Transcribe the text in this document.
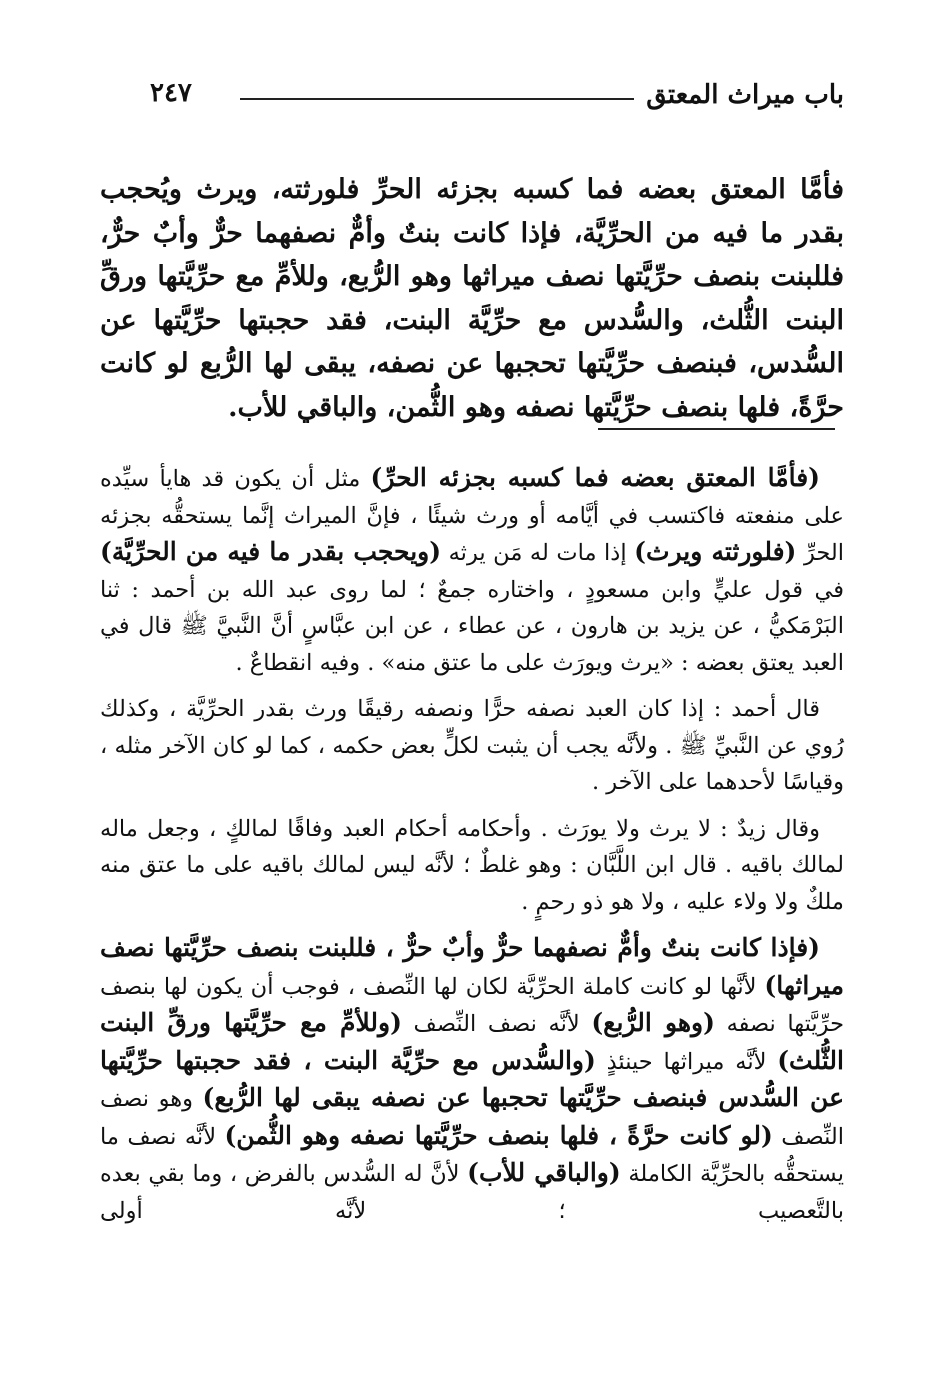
٢٤٧	باب ميراث المعتق
فأمَّا المعتق بعضه فما كسبه بجزئه الحرِّ فلورثته، ويرث ويُحجب بقدر ما فيه من الحرِّيَّة، فإذا كانت بنتٌ وأمٌّ نصفهما حرٌّ وأبٌ حرٌّ، فللبنت بنصف حرِّيَّتها نصف ميراثها وهو الرُّبع، وللأمِّ مع حرِّيَّتها ورقِّ البنت الثُّلث، والسُّدس مع حرِّيَّة البنت، فقد حجبتها حرِّيَّتها عن السُّدس، فبنصف حرِّيَّتها تحجبها عن نصفه، يبقى لها الرُّبع لو كانت حرَّةً، فلها بنصف حرِّيَّتها نصفه وهو الثُّمن، والباقي للأب.

(فأمَّا المعتق بعضه فما كسبه بجزئه الحرِّ) مثل أن يكون قد هايأ سيِّده على منفعته فاكتسب في أيَّامه أو ورث شيئًا ، فإنَّ الميراث إنَّما يستحقُّه بجزئه الحرِّ (فلورثته ويرث) إذا مات له مَن يرثه (ويحجب بقدر ما فيه من الحرِّيَّة) في قول عليٍّ وابن مسعودٍ ، واختاره جمعٌ ؛ لما روى عبد الله بن أحمد : ثنا البَرْمَكيُّ ، عن يزيد بن هارون ، عن عطاء ، عن ابن عبَّاسٍ أنَّ النَّبيَّ ﷺ قال في العبد يعتق بعضه : «يرث ويورَث على ما عتق منه» . وفيه انقطاعٌ .

قال أحمد : إذا كان العبد نصفه حرًّا ونصفه رقيقًا ورث بقدر الحرِّيَّة ، وكذلك رُوي عن النَّبيِّ ﷺ . ولأنَّه يجب أن يثبت لكلٍّ بعض حكمه ، كما لو كان الآخر مثله ، وقياسًا لأحدهما على الآخر .

وقال زيدٌ : لا يرث ولا يورَث . وأحكامه أحكام العبد وفاقًا لمالكٍ ، وجعل ماله لمالك باقيه . قال ابن اللَّبَّان : وهو غلطٌ ؛ لأنَّه ليس لمالك باقيه على ما عتق منه ملكٌ ولا ولاء عليه ، ولا هو ذو رحمٍ .

(فإذا كانت بنتٌ وأمٌّ نصفهما حرٌّ وأبٌ حرٌّ ، فللبنت بنصف حرِّيَّتها نصف ميراثها) لأنَّها لو كانت كاملة الحرِّيَّة لكان لها النِّصف ، فوجب أن يكون لها بنصف حرِّيَّتها نصفه (وهو الرُّبع) لأنَّه نصف النِّصف (وللأمِّ مع حرِّيَّتها ورقِّ البنت الثُّلث) لأنَّه ميراثها حينئذٍ (والسُّدس مع حرِّيَّة البنت ، فقد حجبتها حرِّيَّتها عن السُّدس فبنصف حرِّيَّتها تحجبها عن نصفه يبقى لها الرُّبع) وهو نصف النِّصف (لو كانت حرَّةً ، فلها بنصف حرِّيَّتها نصفه وهو الثُّمن) لأنَّه نصف ما يستحقُّه بالحرِّيَّة الكاملة (والباقي للأب) لأنَّ له السُّدس بالفرض ، وما بقي بعده بالتَّعصيب ؛ لأنَّه أولى
